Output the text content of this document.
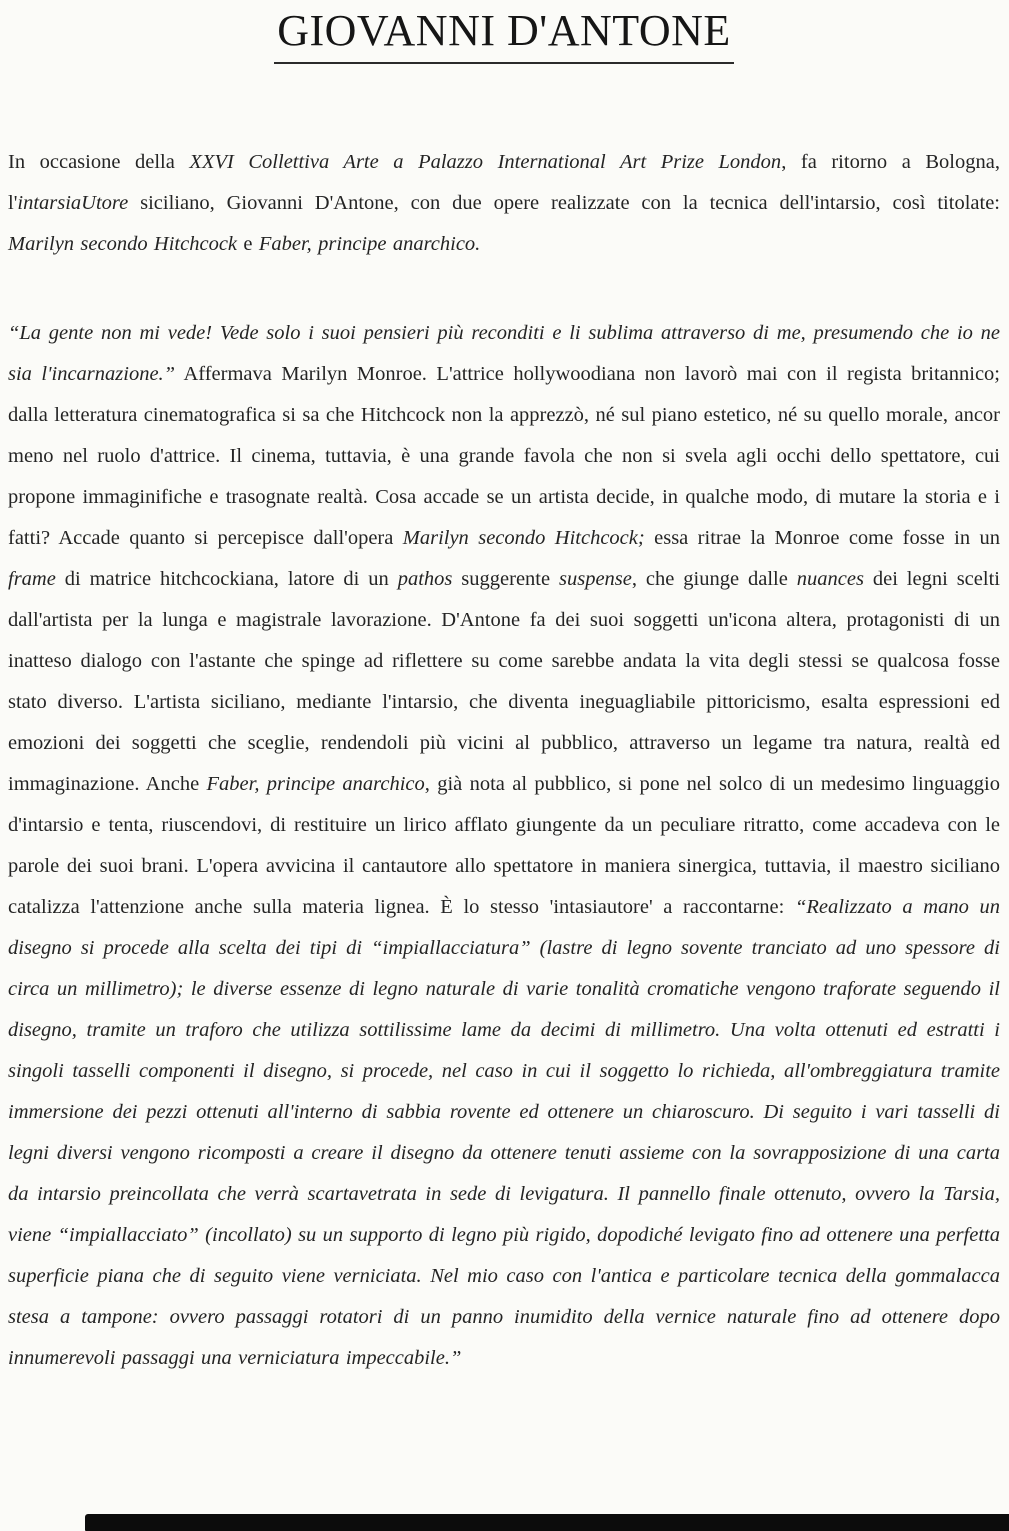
GIOVANNI D'ANTONE

In occasione della XXVI Collettiva Arte a Palazzo International Art Prize London, fa ritorno a Bologna, l'intarsiaUtore siciliano, Giovanni D'Antone, con due opere realizzate con la tecnica dell'intarsio, così titolate: Marilyn secondo Hitchcock e Faber, principe anarchico.

“La gente non mi vede! Vede solo i suoi pensieri più reconditi e li sublima attraverso di me, presumendo che io ne sia l'incarnazione.” Affermava Marilyn Monroe. L'attrice hollywoodiana non lavorò mai con il regista britannico; dalla letteratura cinematografica si sa che Hitchcock non la apprezzò, né sul piano estetico, né su quello morale, ancor meno nel ruolo d'attrice. Il cinema, tuttavia, è una grande favola che non si svela agli occhi dello spettatore, cui propone immaginifiche e trasognate realtà. Cosa accade se un artista decide, in qualche modo, di mutare la storia e i fatti? Accade quanto si percepisce dall'opera Marilyn secondo Hitchcock; essa ritrae la Monroe come fosse in un frame di matrice hitchcockiana, latore di un pathos suggerente suspense, che giunge dalle nuances dei legni scelti dall'artista per la lunga e magistrale lavorazione. D'Antone fa dei suoi soggetti un'icona altera, protagonisti di un inatteso dialogo con l'astante che spinge ad riflettere su come sarebbe andata la vita degli stessi se qualcosa fosse stato diverso. L'artista siciliano, mediante l'intarsio, che diventa ineguagliabile pittoricismo, esalta espressioni ed emozioni dei soggetti che sceglie, rendendoli più vicini al pubblico, attraverso un legame tra natura, realtà ed immaginazione. Anche Faber, principe anarchico, già nota al pubblico, si pone nel solco di un medesimo linguaggio d'intarsio e tenta, riuscendovi, di restituire un lirico afflato giungente da un peculiare ritratto, come accadeva con le parole dei suoi brani. L'opera avvicina il cantautore allo spettatore in maniera sinergica, tuttavia, il maestro siciliano catalizza l'attenzione anche sulla materia lignea. È lo stesso 'intasiautore' a raccontarne: “Realizzato a mano un disegno si procede alla scelta dei tipi di “impiallacciatura” (lastre di legno sovente tranciato ad uno spessore di circa un millimetro); le diverse essenze di legno naturale di varie tonalità cromatiche vengono traforate seguendo il disegno, tramite un traforo che utilizza sottilissime lame da decimi di millimetro. Una volta ottenuti ed estratti i singoli tasselli componenti il disegno, si procede, nel caso in cui il soggetto lo richieda, all'ombreggiatura tramite immersione dei pezzi ottenuti all'interno di sabbia rovente ed ottenere un chiaroscuro. Di seguito i vari tasselli di legni diversi vengono ricomposti a creare il disegno da ottenere tenuti assieme con la sovrapposizione di una carta da intarsio preincollata che verrà scartavetrata in sede di levigatura. Il pannello finale ottenuto, ovvero la Tarsia, viene “impiallacciato” (incollato) su un supporto di legno più rigido, dopodiché levigato fino ad ottenere una perfetta superficie piana che di seguito viene verniciata. Nel mio caso con l'antica e particolare tecnica della gommalacca stesa a tampone: ovvero passaggi rotatori di un panno inumidito della vernice naturale fino ad ottenere dopo innumerevoli passaggi una verniciatura impeccabile.”
